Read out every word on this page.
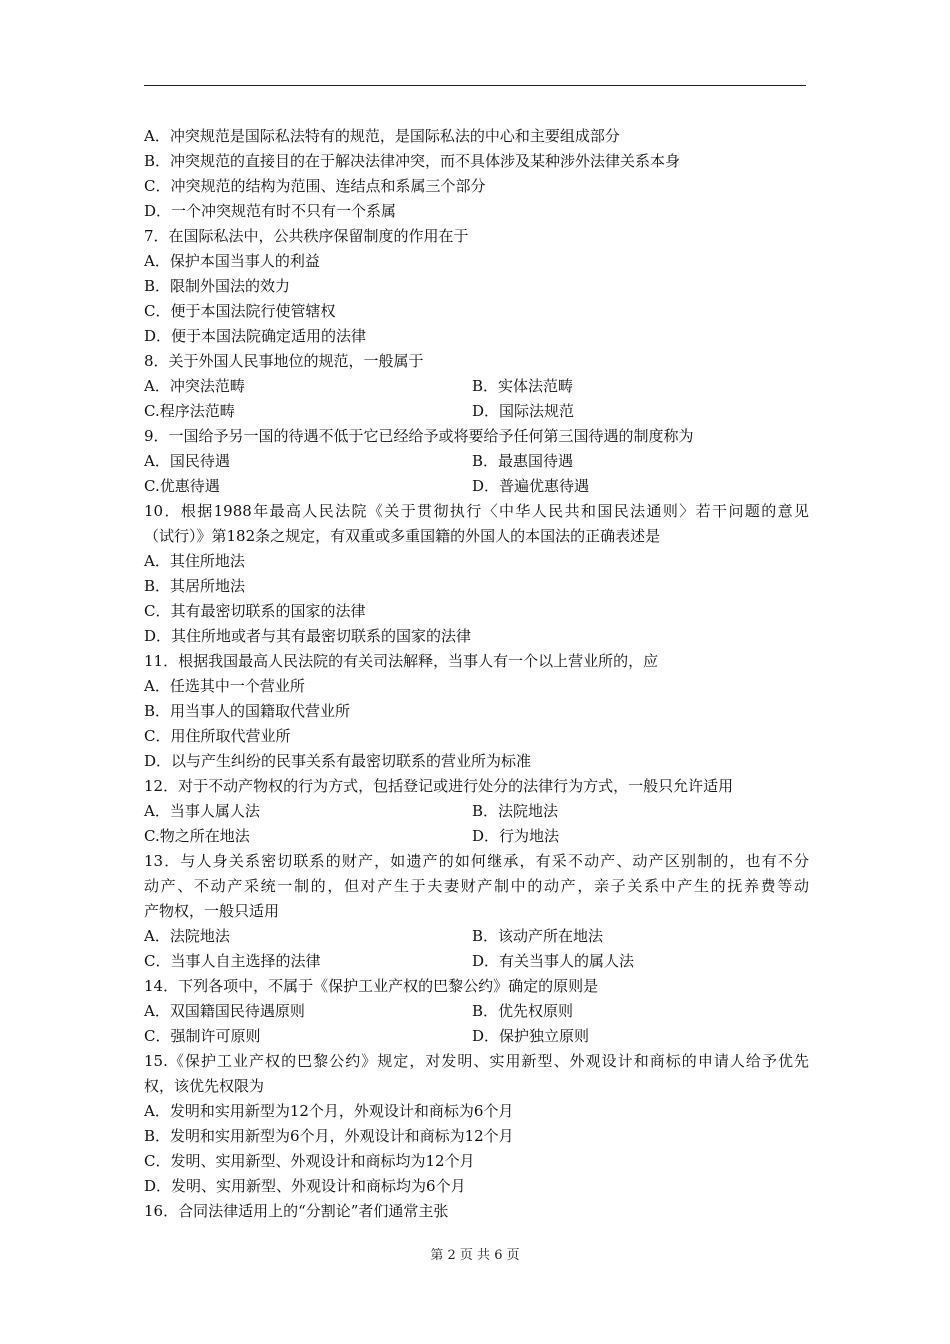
A．冲突规范是国际私法特有的规范，是国际私法的中心和主要组成部分
B．冲突规范的直接目的在于解决法律冲突，而不具体涉及某种涉外法律关系本身
C．冲突规范的结构为范围、连结点和系属三个部分
D．一个冲突规范有时不只有一个系属
7．在国际私法中，公共秩序保留制度的作用在于
A．保护本国当事人的利益
B．限制外国法的效力
C．便于本国法院行使管辖权
D．便于本国法院确定适用的法律
8．关于外国人民事地位的规范，一般属于
A．冲突法范畴	B．实体法范畴
C.程序法范畴	D．国际法规范
9．一国给予另一国的待遇不低于它已经给予或将要给予任何第三国待遇的制度称为
A．国民待遇	B．最惠国待遇
C.优惠待遇	D．普遍优惠待遇
10．根据1988年最高人民法院《关于贯彻执行〈中华人民共和国民法通则〉若干问题的意见
（试行）》第182条之规定，有双重或多重国籍的外国人的本国法的正确表述是
A．其住所地法
B．其居所地法
C．其有最密切联系的国家的法律
D．其住所地或者与其有最密切联系的国家的法律
11．根据我国最高人民法院的有关司法解释，当事人有一个以上营业所的，应
A．任选其中一个营业所
B．用当事人的国籍取代营业所
C．用住所取代营业所
D．以与产生纠纷的民事关系有最密切联系的营业所为标准
12．对于不动产物权的行为方式，包括登记或进行处分的法律行为方式，一般只允许适用
A．当事人属人法	B．法院地法
C.物之所在地法	D．行为地法
13．与人身关系密切联系的财产，如遗产的如何继承，有采不动产、动产区别制的，也有不分
动产、不动产采统一制的，但对产生于夫妻财产制中的动产，亲子关系中产生的抚养费等动
产物权，一般只适用
A．法院地法	B．该动产所在地法
C．当事人自主选择的法律	D．有关当事人的属人法
14．下列各项中，不属于《保护工业产权的巴黎公约》确定的原则是
A．双国籍国民待遇原则	B．优先权原则
C．强制许可原则	D．保护独立原则
15.《保护工业产权的巴黎公约》规定，对发明、实用新型、外观设计和商标的申请人给予优先
权，该优先权限为
A．发明和实用新型为12个月，外观设计和商标为6个月
B．发明和实用新型为6个月，外观设计和商标为12个月
C．发明、实用新型、外观设计和商标均为12个月
D．发明、实用新型、外观设计和商标均为6个月
16．合同法律适用上的“分割论”者们通常主张
第 2 页 共 6 页
